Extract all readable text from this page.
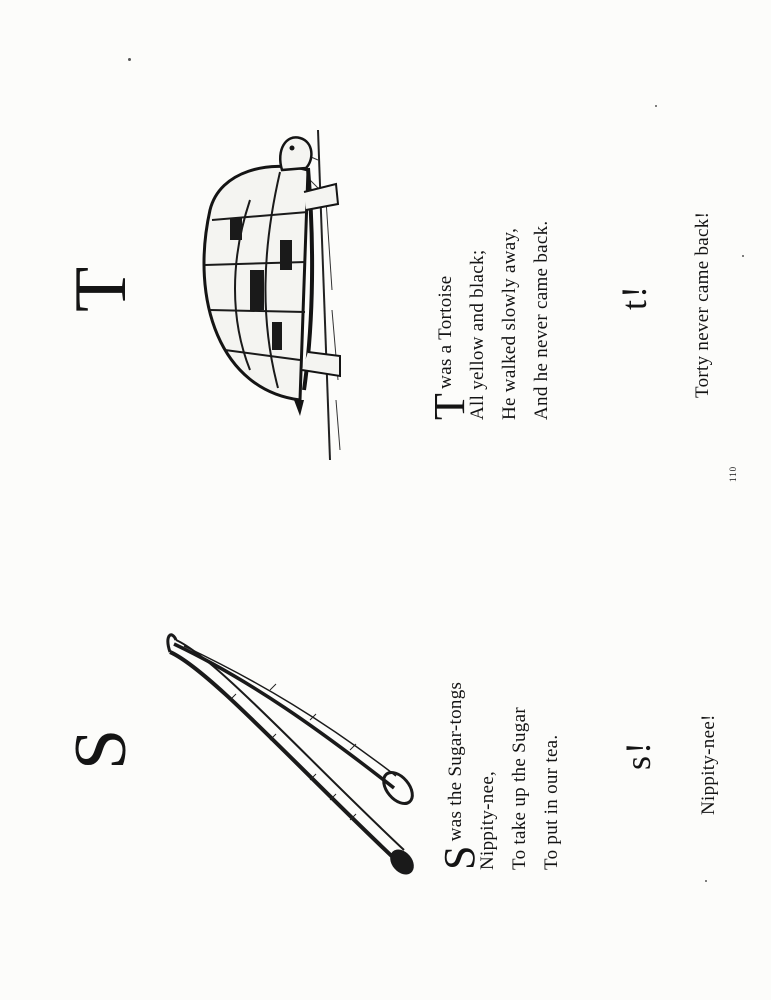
S
S
was the Sugar-tongs Nippity-nee, To take up the Sugar To put in our tea. s! Nippity-nee!
T
T
was a Tortoise All yellow and black; He walked slowly away, And he never came back. t! Torty never came back!
110
